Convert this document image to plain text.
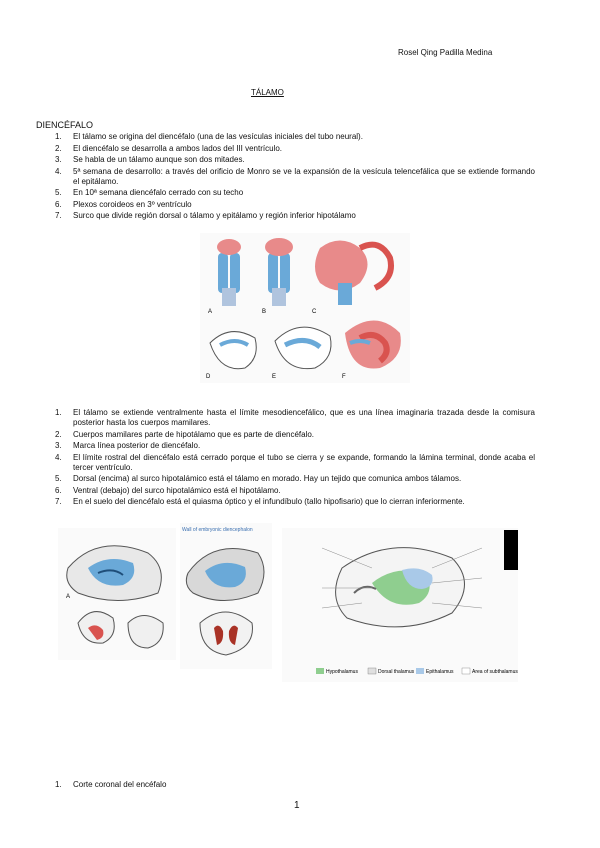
Rosel Qing Padilla Medina
TÁLAMO
DIENCÉFALO
1. El tálamo se origina del diencéfalo (una de las vesículas iniciales del tubo neural).
2. El diencéfalo se desarrolla a ambos lados del III ventrículo.
3. Se habla de un tálamo aunque son dos mitades.
4. 5ª semana de desarrollo: a través del orificio de Monro se ve la expansión de la vesícula telencefálica que se extiende formando el epitálamo.
5. En 10ª semana diencéfalo cerrado con su techo
6. Plexos coroideos en 3º ventrículo
7. Surco que divide región dorsal o tálamo y epitálamo y región inferior hipotálamo
A	B	C
D	E	F
1. El tálamo se extiende ventralmente hasta el límite mesodiencefálico, que es una línea imaginaria trazada desde la comisura posterior hasta los cuerpos mamilares.
2. Cuerpos mamilares parte de hipotálamo que es parte de diencéfalo.
3. Marca línea posterior de diencéfalo.
4. El límite rostral del diencéfalo está cerrado porque el tubo se cierra y se expande, formando la lámina terminal, donde acaba el tercer ventrículo.
5. Dorsal (encima) al surco hipotalámico está el tálamo en morado. Hay un tejido que comunica ambos tálamos.
6. Ventral (debajo) del surco hipotalámico está el hipotálamo.
7. En el suelo del diencéfalo está el quiasma óptico y el infundíbulo (tallo hipofisario) que lo cierran inferiormente.
A
Wall of embryonic diencephalon
Hypothalamus	Dorsal thalamus Epithalamus	Area of subthalamus
1. Corte coronal del encéfalo
1
